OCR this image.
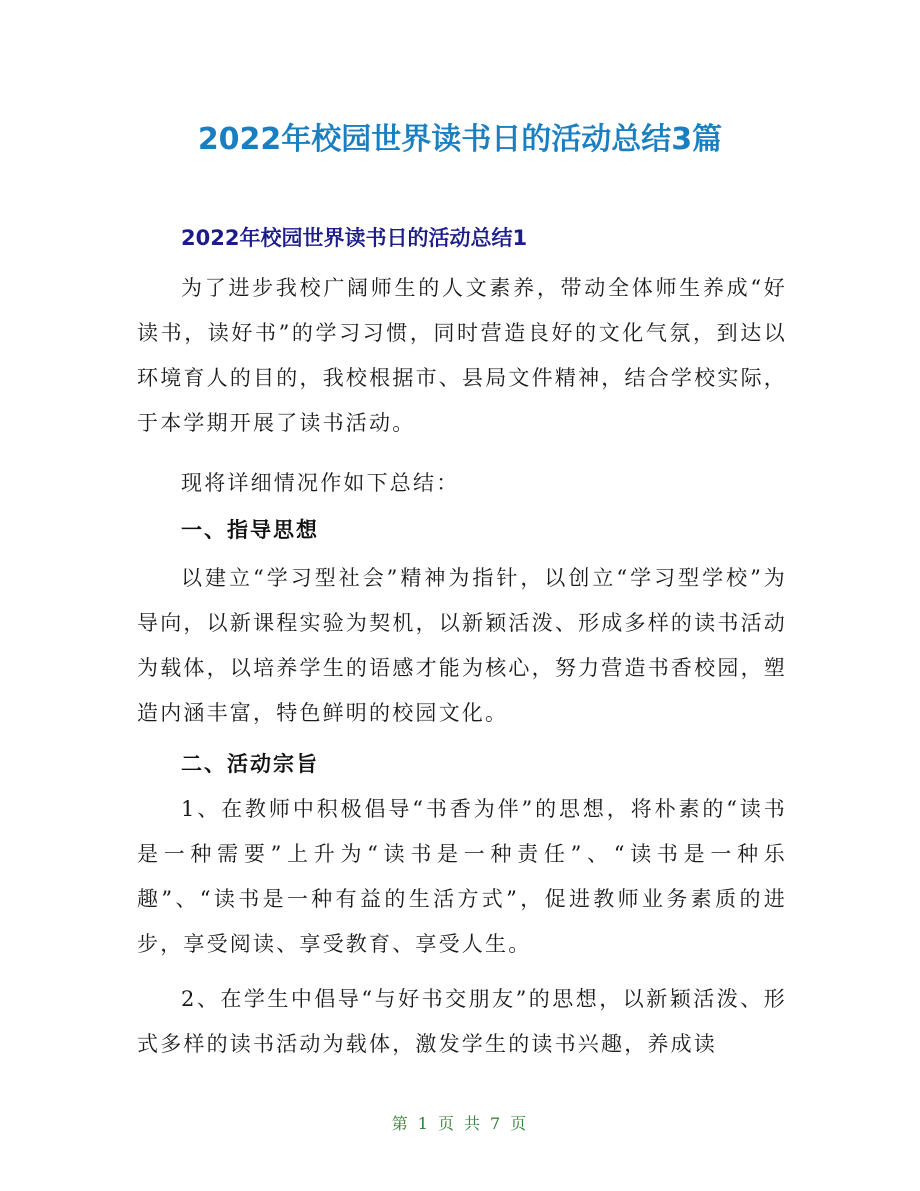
2022年校园世界读书日的活动总结3篇
2022年校园世界读书日的活动总结1

为了进步我校广阔师生的人文素养，带动全体师生养成“好读书，读好书”的学习习惯，同时营造良好的文化气氛，到达以环境育人的目的，我校根据市、县局文件精神，结合学校实际，于本学期开展了读书活动。

现将详细情况作如下总结：

一、指导思想

以建立“学习型社会”精神为指针，以创立“学习型学校”为导向，以新课程实验为契机，以新颖活泼、形成多样的读书活动为载体，以培养学生的语感才能为核心，努力营造书香校园，塑造内涵丰富，特色鲜明的校园文化。

二、活动宗旨

1、在教师中积极倡导“书香为伴”的思想，将朴素的“读书是一种需要”上升为“读书是一种责任”、“读书是一种乐趣”、“读书是一种有益的生活方式”，促进教师业务素质的进步，享受阅读、享受教育、享受人生。

2、在学生中倡导“与好书交朋友”的思想，以新颖活泼、形式多样的读书活动为载体，激发学生的读书兴趣，养成读

第 1 页 共 7 页
